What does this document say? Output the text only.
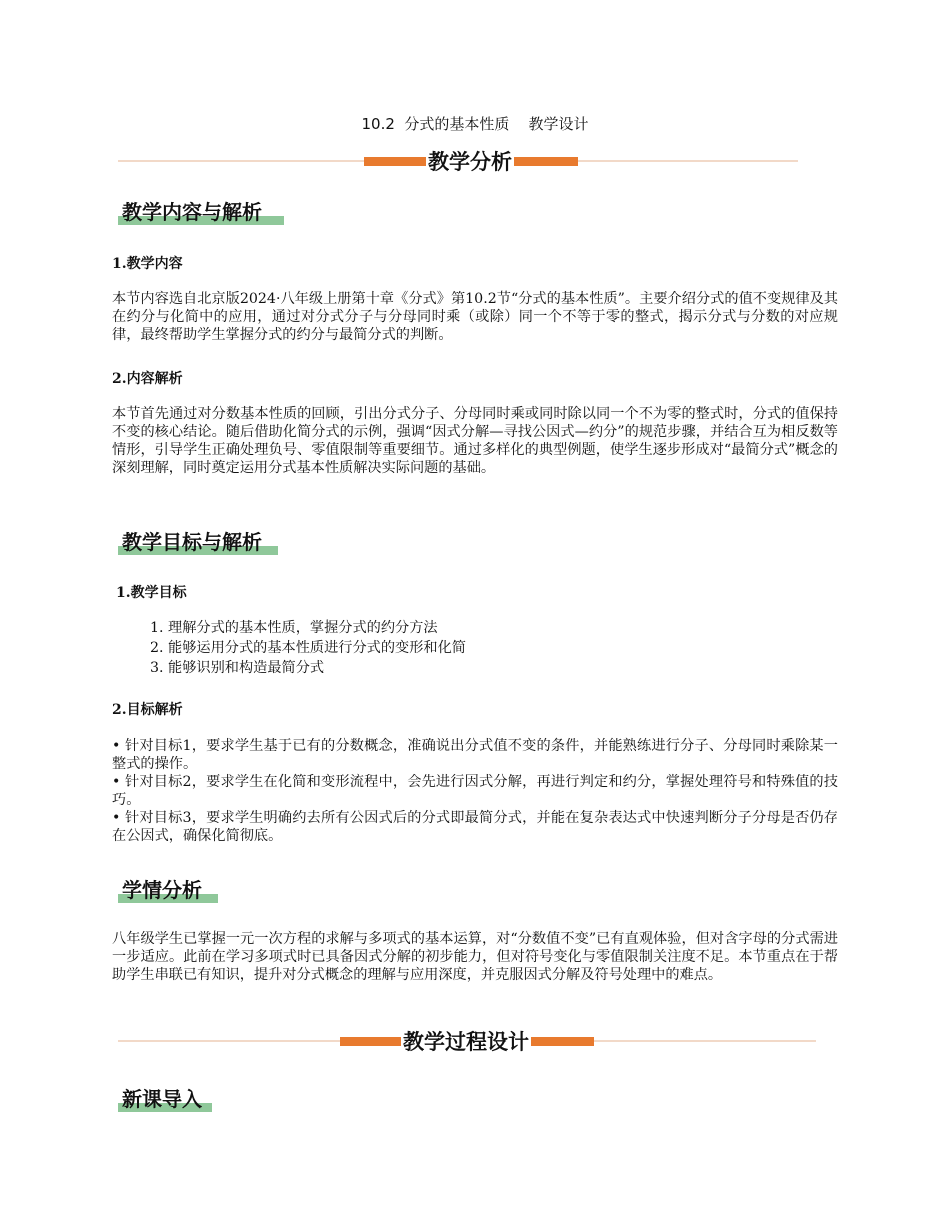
10.2  分式的基本性质    教学设计
教学分析
教学内容与解析
1.教学内容

本节内容选自北京版2024·八年级上册第十章《分式》第10.2节“分式的基本性质”。主要介绍分式的值不变规律及其在约分与化简中的应用，通过对分式分子与分母同时乘（或除）同一个不等于零的整式，揭示分式与分数的对应规律，最终帮助学生掌握分式的约分与最简分式的判断。

2.内容解析

本节首先通过对分数基本性质的回顾，引出分式分子、分母同时乘或同时除以同一个不为零的整式时，分式的值保持不变的核心结论。随后借助化简分式的示例，强调“因式分解—寻找公因式—约分”的规范步骤，并结合互为相反数等情形，引导学生正确处理负号、零值限制等重要细节。通过多样化的典型例题，使学生逐步形成对“最简分式”概念的深刻理解，同时奠定运用分式基本性质解决实际问题的基础。

教学目标与解析
1.教学目标
1. 理解分式的基本性质，掌握分式的约分方法
2. 能够运用分式的基本性质进行分式的变形和化简
3. 能够识别和构造最简分式
2.目标解析

• 针对目标1，要求学生基于已有的分数概念，准确说出分式值不变的条件，并能熟练进行分子、分母同时乘除某一整式的操作。

• 针对目标2，要求学生在化简和变形流程中，会先进行因式分解，再进行判定和约分，掌握处理符号和特殊值的技巧。

• 针对目标3，要求学生明确约去所有公因式后的分式即最简分式，并能在复杂表达式中快速判断分子分母是否仍存在公因式，确保化简彻底。

学情分析

八年级学生已掌握一元一次方程的求解与多项式的基本运算，对“分数值不变”已有直观体验，但对含字母的分式需进一步适应。此前在学习多项式时已具备因式分解的初步能力，但对符号变化与零值限制关注度不足。本节重点在于帮助学生串联已有知识，提升对分式概念的理解与应用深度，并克服因式分解及符号处理中的难点。

教学过程设计
新课导入
